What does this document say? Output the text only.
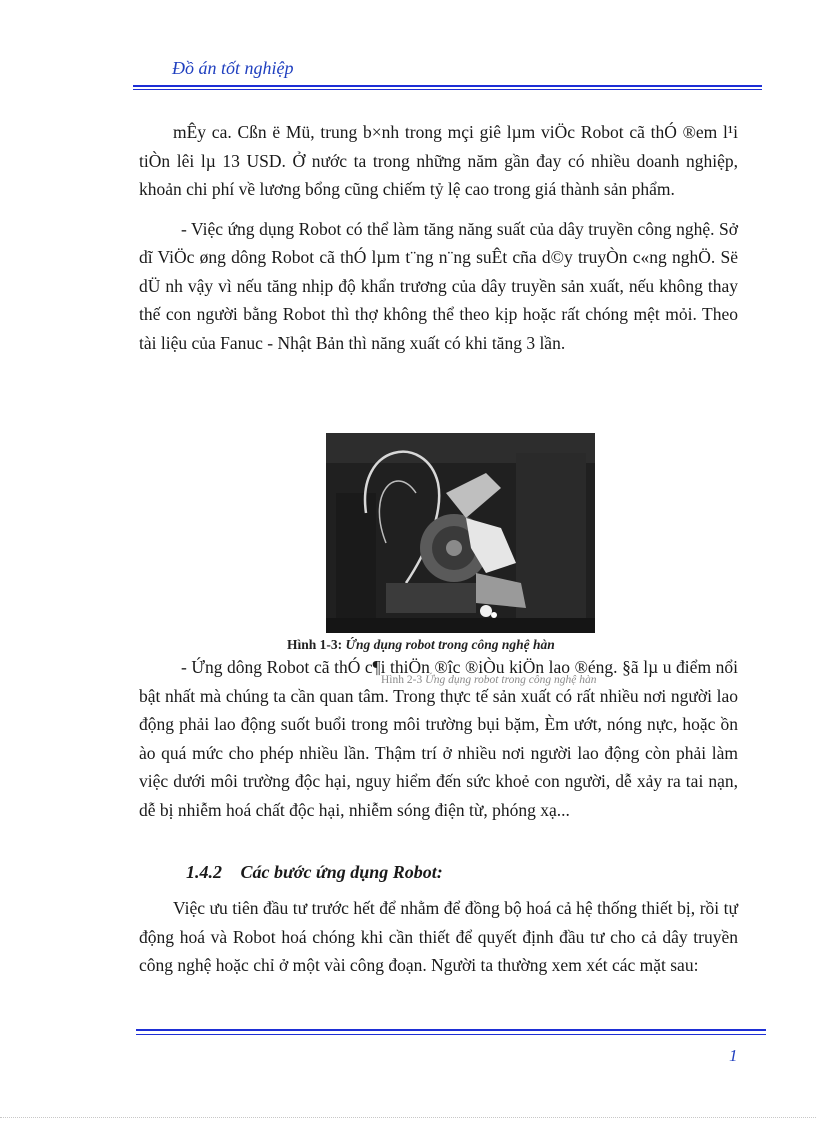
Đồ án tốt nghiệp

mÊy ca. Cßn ë Mü, trung b×nh trong mçi giê lµm viÖc Robot cã thÓ ®em l¹i tiÒn lêi lµ 13 USD. Ở nước ta trong những năm gần đay có nhiều doanh nghiệp, khoản chi phí về lương bổng cũng chiếm tỷ lệ cao trong giá thành sản phẩm.

- Việc ứng dụng Robot có thể làm tăng năng suất của dây truyền công nghệ. Sở dĩ ViÖc øng dông Robot cã thÓ lµm t¨ng n¨ng suÊt cña d©y truyÒn c«ng nghÖ. Së dÜ nh vậy vì nếu tăng nhịp độ khẩn trương của dây truyền sản xuất, nếu không thay thế con người bằng Robot thì thợ không thể theo kịp hoặc rất chóng mệt mỏi. Theo tài liệu của Fanuc - Nhật Bản thì năng xuất có khi tăng 3 lần.

Hình 1-3: Ứng dụng robot trong công nghệ hàn
Hình 2-3 Ứng dụng robot trong công nghệ hàn

- Ứng dông Robot cã thÓ c¶i thiÖn ®îc ®iÒu kiÖn lao ®éng. §ã lµ u điểm nổi bật nhất mà chúng ta cần quan tâm. Trong thực tế sản xuất có rất nhiều nơi người lao động phải lao động suốt buổi trong môi trường bụi bặm, Èm ướt, nóng nực, hoặc ồn ào quá mức cho phép nhiều lần. Thậm trí ở nhiều nơi người lao động còn phải làm việc dưới môi trường độc hại, nguy hiểm đến sức khoẻ con người, dễ xảy ra tai nạn, dễ bị nhiễm hoá chất độc hại, nhiễm sóng điện từ, phóng xạ...

1.4.2 Các bước ứng dụng Robot:

Việc ưu tiên đầu tư trước hết để nhằm để đồng bộ hoá cả hệ thống thiết bị, rồi tự động hoá và Robot hoá chóng khi cần thiết để quyết định đầu tư cho cả dây truyền công nghệ hoặc chỉ ở một vài công đoạn. Người ta thường xem xét các mặt sau:

1
